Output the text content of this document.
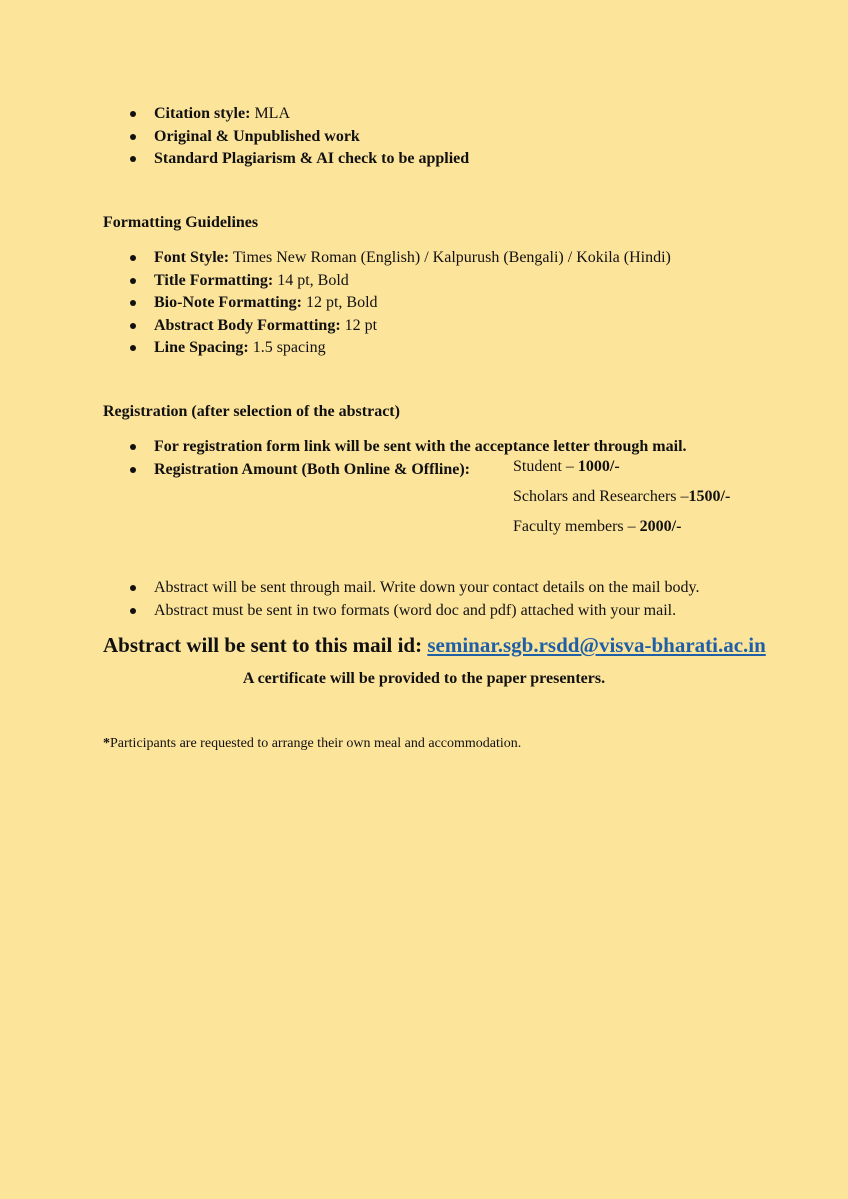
Citation style: MLA
Original & Unpublished work
Standard Plagiarism & AI check to be applied
Formatting Guidelines
Font Style: Times New Roman (English) / Kalpurush (Bengali) / Kokila (Hindi)
Title Formatting: 14 pt, Bold
Bio-Note Formatting: 12 pt, Bold
Abstract Body Formatting: 12 pt
Line Spacing: 1.5 spacing
Registration (after selection of the abstract)
For registration form link will be sent with the acceptance letter through mail.
Registration Amount (Both Online & Offline):	Student – 1000/-
Scholars and Researchers –1500/-
Faculty members – 2000/-
Abstract will be sent through mail. Write down your contact details on the mail body.
Abstract must be sent in two formats (word doc and pdf) attached with your mail.
Abstract will be sent to this mail id: seminar.sgb.rsdd@visva-bharati.ac.in
A certificate will be provided to the paper presenters.
*Participants are requested to arrange their own meal and accommodation.
